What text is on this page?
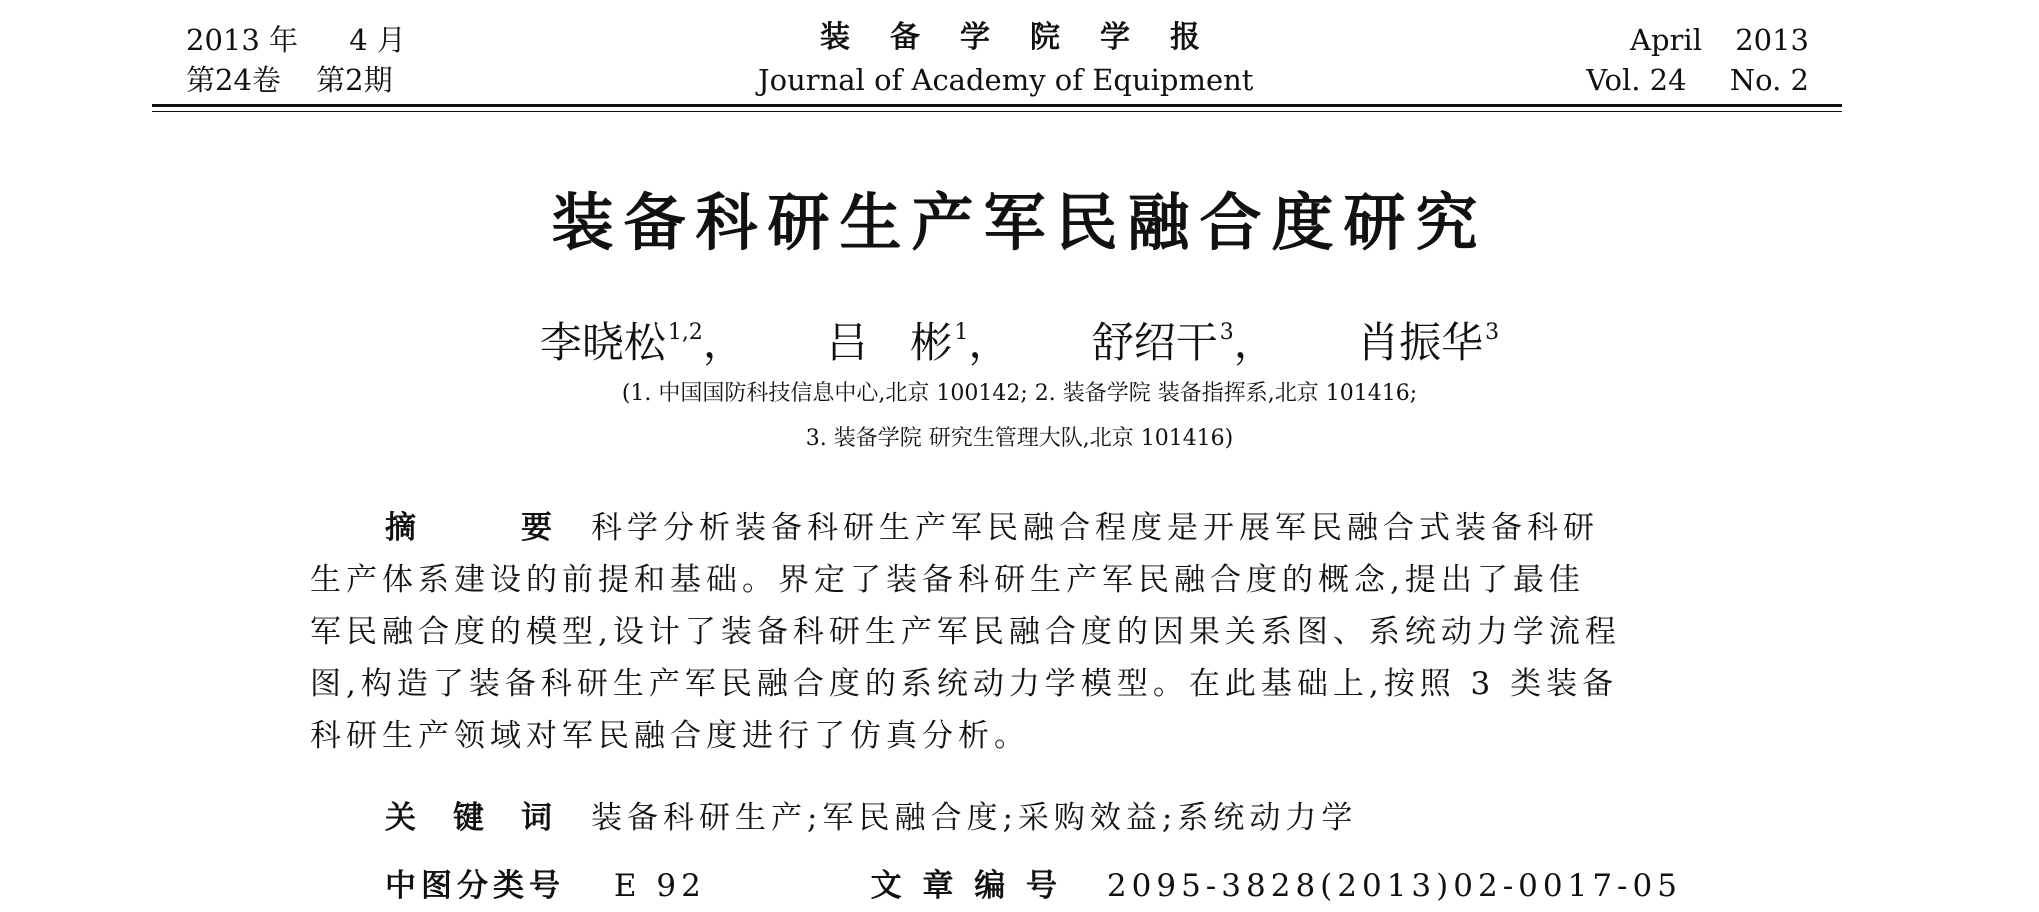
2013 年 4 月
第24卷 第2期
装备学院学报
Journal of Academy of Equipment
April 2013
Vol. 24 No. 2
装备科研生产军民融合度研究
李晓松$^{1,2}$， 吕　彬$^1$， 舒绍干$^3$， 肖振华$^3$
(1. 中国国防科技信息中心,北京 100142; 2. 装备学院 装备指挥系,北京 101416;
3. 装备学院 研究生管理大队,北京 101416)
摘　　　要 科学分析装备科研生产军民融合程度是开展军民融合式装备科研
生产体系建设的前提和基础。界定了装备科研生产军民融合度的概念,提出了最佳
军民融合度的模型,设计了装备科研生产军民融合度的因果关系图、系统动力学流程
图,构造了装备科研生产军民融合度的系统动力学模型。在此基础上,按照 3 类装备
科研生产领域对军民融合度进行了仿真分析。
关　键　词 装备科研生产;军民融合度;采购效益;系统动力学
中图分类号 E 92	文 章 编 号 2095-3828(2013)02-0017-05
